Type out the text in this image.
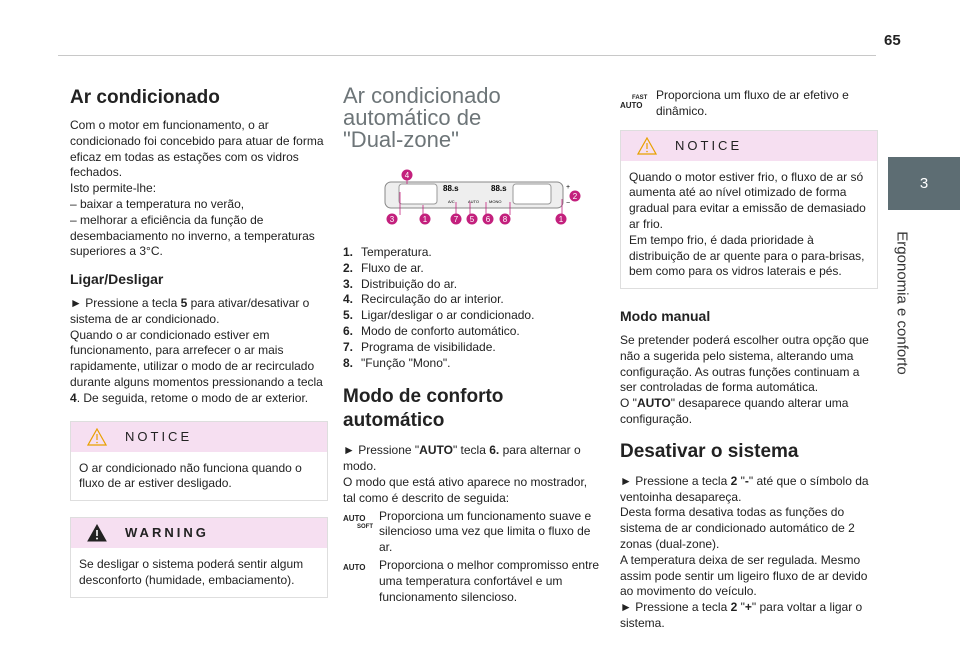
65
3
Ergonomia e conforto
Ar condicionado

Com o motor em funcionamento, o ar condicionado foi concebido para atuar de forma eficaz em todas as estações com os vidros fechados.

Isto permite-lhe:

– baixar a temperatura no verão,

– melhorar a eficiência da função de desembaciamento no inverno, a temperaturas superiores a 3°C.

Ligar/Desligar

► Pressione a tecla 5 para ativar/desativar o sistema de ar condicionado.

Quando o ar condicionado estiver em funcionamento, para arrefecer o ar mais rapidamente, utilizar o modo de ar recirculado durante alguns momentos pressionando a tecla 4. De seguida, retome o modo de ar exterior.

NOTICE
O ar condicionado não funciona quando o fluxo de ar estiver desligado.
WARNING
Se desligar o sistema poderá sentir algum desconforto (humidade, embaciamento).
Ar condicionado
automático de
"Dual-zone"
88.s	88.s
A/C	AUTO MONO
+
−
4
2
3	1	7 5 6 8	1
1. Temperatura.
2. Fluxo de ar.
3. Distribuição do ar.
4. Recirculação do ar interior.
5. Ligar/desligar o ar condicionado.
6. Modo de conforto automático.
7. Programa de visibilidade.
8. "Função "Mono".
Modo de conforto automático

► Pressione "AUTO" tecla 6. para alternar o modo.

O modo que está ativo aparece no mostrador, tal como é descrito de seguida:

AUTO
SOFT
Proporciona um funcionamento suave e silencioso uma vez que limita o fluxo de ar.
AUTO	Proporciona o melhor compromisso entre uma temperatura confortável e um funcionamento silencioso.
FAST
AUTO
Proporciona um fluxo de ar efetivo e dinâmico.
NOTICE

Quando o motor estiver frio, o fluxo de ar só aumenta até ao nível otimizado de forma gradual para evitar a emissão de demasiado ar frio.

Em tempo frio, é dada prioridade à distribuição de ar quente para o para-brisas, bem como para os vidros laterais e pés.

Modo manual

Se pretender poderá escolher outra opção que não a sugerida pelo sistema, alterando uma configuração. As outras funções continuam a ser controladas de forma automática.

O "AUTO" desaparece quando alterar uma configuração.

Desativar o sistema

► Pressione a tecla 2 "-" até que o símbolo da ventoinha desapareça.

Desta forma desativa todas as funções do sistema de ar condicionado automático de 2 zonas (dual-zone).

A temperatura deixa de ser regulada. Mesmo assim pode sentir um ligeiro fluxo de ar devido ao movimento do veículo.

► Pressione a tecla 2 "+" para voltar a ligar o sistema.
